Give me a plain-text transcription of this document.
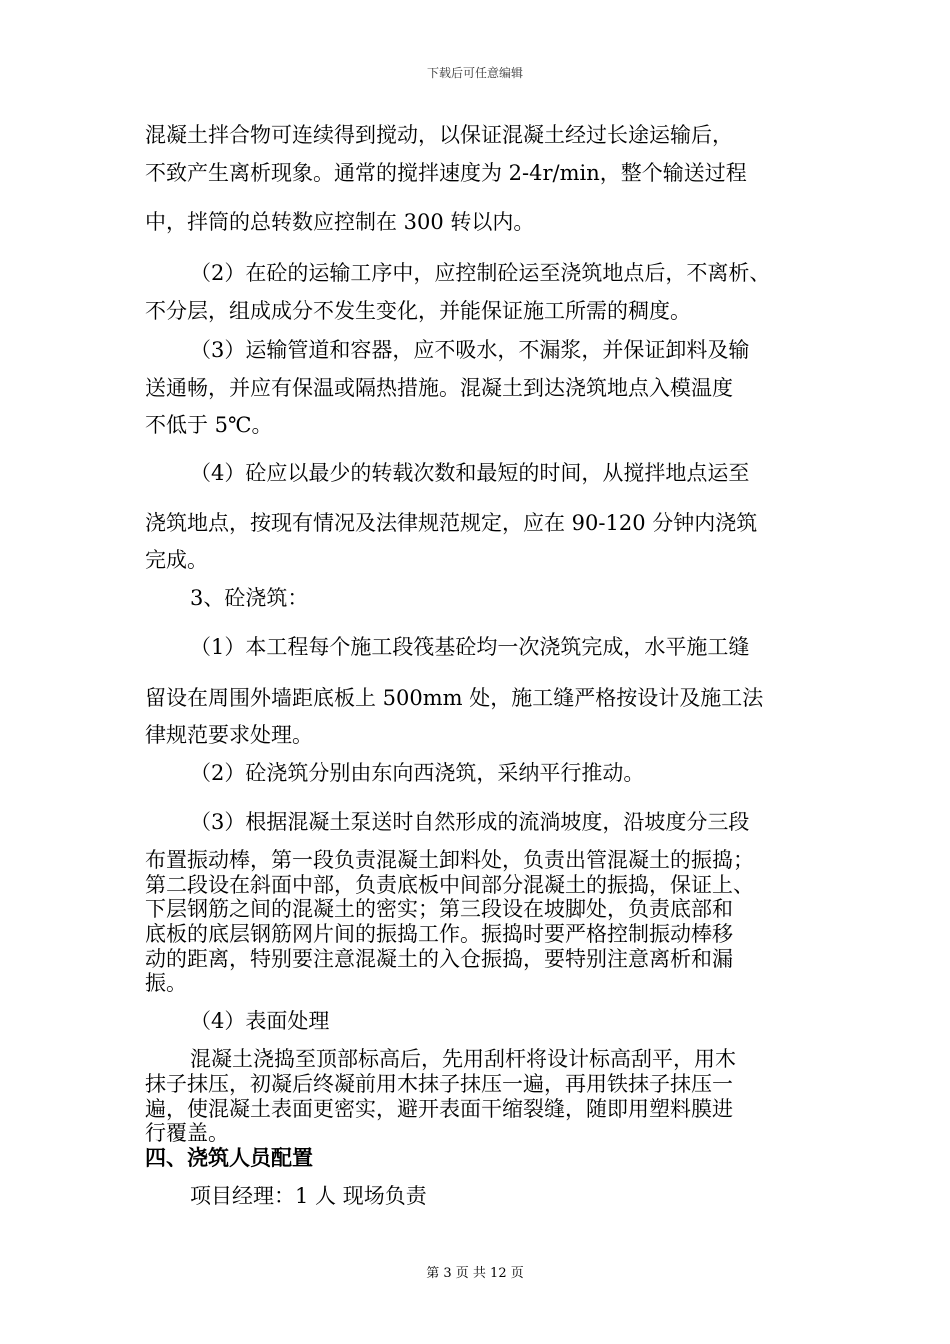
下载后可任意编辑
混凝土拌合物可连续得到搅动，以保证混凝土经过长途运输后，
不致产生离析现象。通常的搅拌速度为 2-4r/min，整个输送过程
中，拌筒的总转数应控制在 300 转以内。
（2）在砼的运输工序中，应控制砼运至浇筑地点后，不离析、
不分层，组成成分不发生变化，并能保证施工所需的稠度。
（3）运输管道和容器，应不吸水，不漏浆，并保证卸料及输
送通畅，并应有保温或隔热措施。混凝土到达浇筑地点入模温度
不低于 5℃。
（4）砼应以最少的转载次数和最短的时间，从搅拌地点运至
浇筑地点，按现有情况及法律规范规定，应在 90-120 分钟内浇筑
完成。
3、砼浇筑：
（1）本工程每个施工段筏基砼均一次浇筑完成，水平施工缝
留设在周围外墙距底板上 500mm 处，施工缝严格按设计及施工法
律规范要求处理。
（2）砼浇筑分别由东向西浇筑，采纳平行推动。
（3）根据混凝土泵送时自然形成的流淌坡度，沿坡度分三段
布置振动棒，第一段负责混凝土卸料处，负责出管混凝土的振捣；
第二段设在斜面中部，负责底板中间部分混凝土的振捣，保证上、
下层钢筋之间的混凝土的密实；第三段设在坡脚处，负责底部和
底板的底层钢筋网片间的振捣工作。振捣时要严格控制振动棒移
动的距离，特别要注意混凝土的入仓振捣，要特别注意离析和漏
振。
（4）表面处理
混凝土浇捣至顶部标高后，先用刮杆将设计标高刮平，用木
抹子抹压，初凝后终凝前用木抹子抹压一遍，再用铁抹子抹压一
遍，使混凝土表面更密实，避开表面干缩裂缝，随即用塑料膜进
行覆盖。
四、浇筑人员配置
项目经理：1 人 现场负责
第 3 页 共 12 页
